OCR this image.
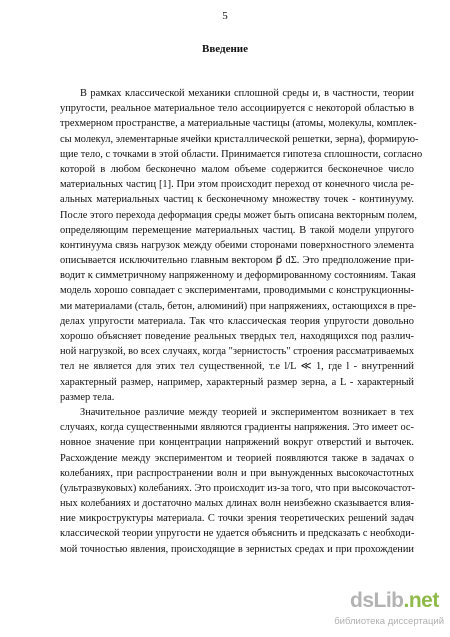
5
Введение
В рамках классической механики сплошной среды и, в частности, теории
упругости, реальное материальное тело ассоциируется с некоторой областью в
трехмерном пространстве, а материальные частицы (атомы, молекулы, комплек-
сы молекул, элементарные ячейки кристаллической решетки, зерна), формирую-
щие тело, с точками в этой области. Принимается гипотеза сплошности, согласно
которой в любом бесконечно малом объеме содержится бесконечное число
материальных частиц [1]. При этом происходит переход от конечного числа ре-
альных материальных частиц к бесконечному множеству точек - континууму.
После этого перехода деформация среды может быть описана векторным полем,
определяющим перемещение материальных частиц. В такой модели упругого
континуума связь нагрузок между обеими сторонами поверхностного элемента
описывается исключительно главным вектором p⃗ dΣ. Это предположение при-
водит к симметричному напряженному и деформированному состояниям. Такая
модель хорошо совпадает с экспериментами, проводимыми с конструкционны-
ми материалами (сталь, бетон, алюминий) при напряжениях, остающихся в пре-
делах упругости материала. Так что классическая теория упругости довольно
хорошо объясняет поведение реальных твердых тел, находящихся под различ-
ной нагрузкой, во всех случаях, когда "зернистость" строения рассматриваемых
тел не является для этих тел существенной, т.е l/L ≪ 1, где l - внутренний
характерный размер, например, характерный размер зерна, а L - характерный
размер тела.
Значительное различие между теорией и экспериментом возникает в тех
случаях, когда существенными являются градиенты напряжения. Это имеет ос-
новное значение при концентрации напряжений вокруг отверстий и выточек.
Расхождение между экспериментом и теорией появляются также в задачах о
колебаниях, при распространении волн и при вынужденных высокочастотных
(ультразвуковых) колебаниях. Это происходит из-за того, что при высокочастот-
ных колебаниях и достаточно малых длинах волн неизбежно сказывается влия-
ние микроструктуры материала. С точки зрения теоретических решений задач
классической теории упругости не удается объяснить и предсказать с необходи-
мой точностью явления, происходящие в зернистых средах и при прохождении
dsLib.net
библиотека диссертаций
